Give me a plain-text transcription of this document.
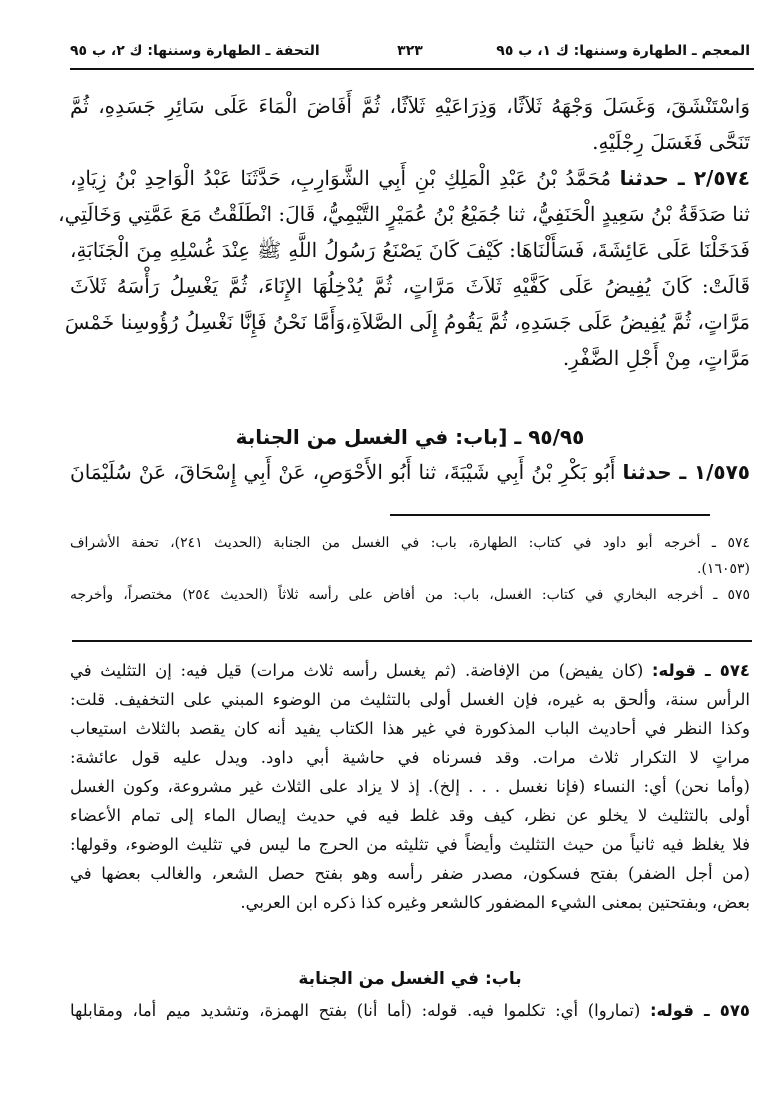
المعجم ـ الطهارة وسننها: ك ١، ب ٩٥
٣٢٣
التحفة ـ الطهارة وسننها: ك ٢، ب ٩٥
وَاسْتَنْشَقَ، وَغَسَلَ وَجْهَهُ ثَلاَثًا، وَذِرَاعَيْهِ ثَلاَثًا، ثُمَّ أَفَاضَ الْمَاءَ عَلَى سَائِرِ جَسَدِهِ، ثُمَّ
تَنَحَّى فَغَسَلَ رِجْلَيْهِ.
٢/٥٧٤ ـ حدثنا مُحَمَّدُ بْنُ عَبْدِ الْمَلِكِ بْنِ أَبِي الشَّوَارِبِ، حَدَّثَنَا عَبْدُ الْوَاحِدِ بْنُ زِيَادٍ،
ثنا صَدَقَةُ بْنُ سَعِيدٍ الْحَنَفِيُّ، ثنا جُمَيْعُ بْنُ عُمَيْرٍ التَّيْمِيُّ، قَالَ: انْطَلَقْتُ مَعَ عَمَّتِي وَخَالَتِي،
فَدَخَلْنَا عَلَى عَائِشَةَ، فَسَأَلْنَاهَا: كَيْفَ كَانَ يَصْنَعُ رَسُولُ اللَّهِ ﷺ عِنْدَ غُسْلِهِ مِنَ الْجَنَابَةِ،
قَالَتْ: كَانَ يُفِيضُ عَلَى كَفَّيْهِ ثَلاَثَ مَرَّاتٍ، ثُمَّ يُدْخِلُهَا الإِنَاءَ، ثُمَّ يَغْسِلُ رَأْسَهُ ثَلاَثَ
مَرَّاتٍ، ثُمَّ يُفِيضُ عَلَى جَسَدِهِ، ثُمَّ يَقُومُ إِلَى الصَّلاَةِ،وَأَمَّا نَحْنُ فَإِنَّا نَغْسِلُ رُؤُوسِنا خَمْسَ
مَرَّاتٍ، مِنْ أَجْلِ الضَّفْرِ.
٩٥/٩٥ ـ [باب: في الغسل من الجنابة
١/٥٧٥ ـ حدثنا أَبُو بَكْرِ بْنُ أَبِي شَيْبَةَ، ثنا أَبُو الأَحْوَصِ، عَنْ أَبِي إِسْحَاقَ، عَنْ سُلَيْمَانَ
٥٧٤ ـ أخرجه أبو داود في كتاب: الطهارة، باب: في الغسل من الجنابة (الحديث ٢٤١)، تحفة الأشراف
(١٦٠٥٣).
٥٧٥ ـ أخرجه البخاري في كتاب: الغسل، باب: من أفاض على رأسه ثلاثاً (الحديث ٢٥٤) مختصراً، وأخرجه
٥٧٤ ـ قوله: (كان يفيض) من الإفاضة. (ثم يغسل رأسه ثلاث مرات) قيل فيه: إن التثليث في
الرأس سنة، وألحق به غيره، فإن الغسل أولى بالتثليث من الوضوء المبني على التخفيف. قلت:
وكذا النظر في أحاديث الباب المذكورة في غير هذا الكتاب يفيد أنه كان يقصد بالثلاث استيعاب
مراتٍ لا التكرار ثلاث مرات. وقد فسرناه في حاشية أبي داود. ويدل عليه قول عائشة:
(وأما نحن) أي: النساء (فإنا نغسل . . . إلخ). إذ لا يزاد على الثلاث غير مشروعة، وكون الغسل
أولى بالتثليث لا يخلو عن نظر، كيف وقد غلط فيه في حديث إيصال الماء إلى تمام الأعضاء
فلا يغلظ فيه ثانياً من حيث التثليث وأيضاً في تثليثه من الحرج ما ليس في تثليث الوضوء، وقولها:
(من أجل الضفر) بفتح فسكون، مصدر ضفر رأسه وهو بفتح حصل الشعر، والغالب بعضها في
بعض، وبفتحتين بمعنى الشيء المضفور كالشعر وغيره كذا ذكره ابن العربي.
باب: في الغسل من الجنابة
٥٧٥ ـ قوله: (تماروا) أي: تكلموا فيه. قوله: (أما أنا) بفتح الهمزة، وتشديد ميم أما، ومقابلها
